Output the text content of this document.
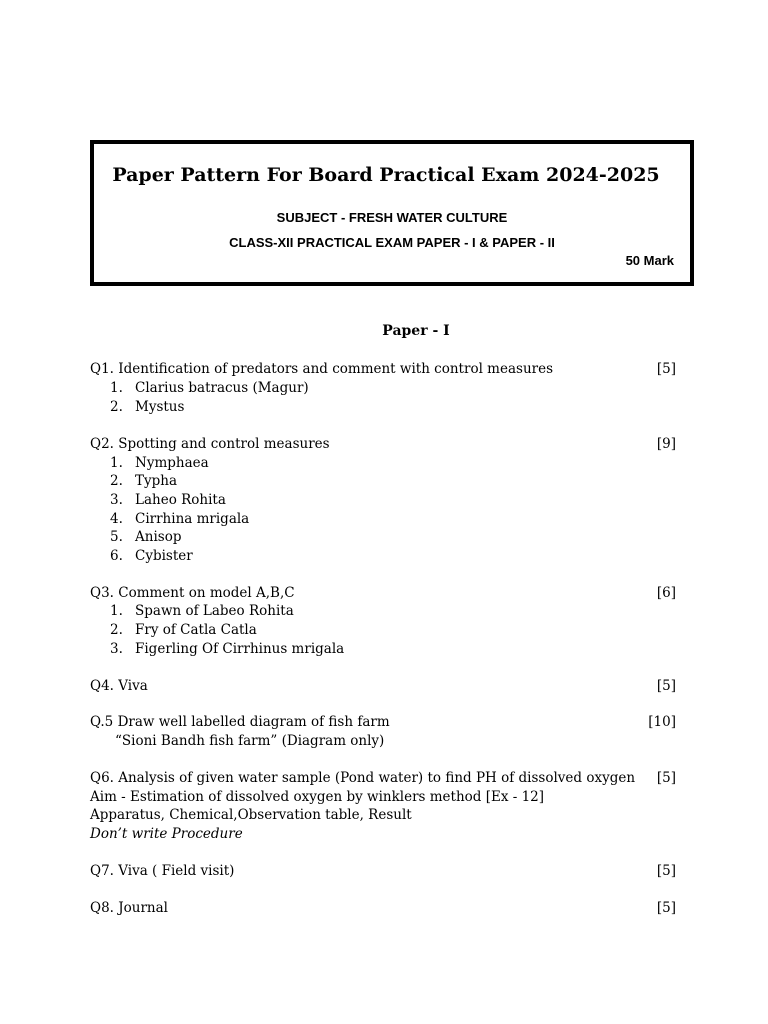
Paper Pattern For Board Practical Exam 2024-2025
SUBJECT - FRESH WATER CULTURE
CLASS-XII PRACTICAL EXAM PAPER - I & PAPER - II
50 Mark
Paper - I
Q1. Identification of predators and comment with control measures	[5]
1. Clarius batracus (Magur)
2. Mystus
Q2. Spotting and control measures	[9]
1. Nymphaea
2. Typha
3. Laheo Rohita
4. Cirrhina mrigala
5. Anisop
6. Cybister
Q3. Comment on model A,B,C	[6]
1. Spawn of Labeo Rohita
2. Fry of Catla Catla
3. Figerling Of Cirrhinus mrigala
Q4. Viva	[5]
Q.5 Draw well labelled diagram of fish farm	[10]
“Sioni Bandh fish farm” (Diagram only)
Q6. Analysis of given water sample (Pond water) to find PH of dissolved oxygen [5]
Aim - Estimation of dissolved oxygen by winklers method [Ex - 12]
Apparatus, Chemical,Observation table, Result
Don’t write Procedure
Q7. Viva ( Field visit)	[5]
Q8. Journal	[5]
